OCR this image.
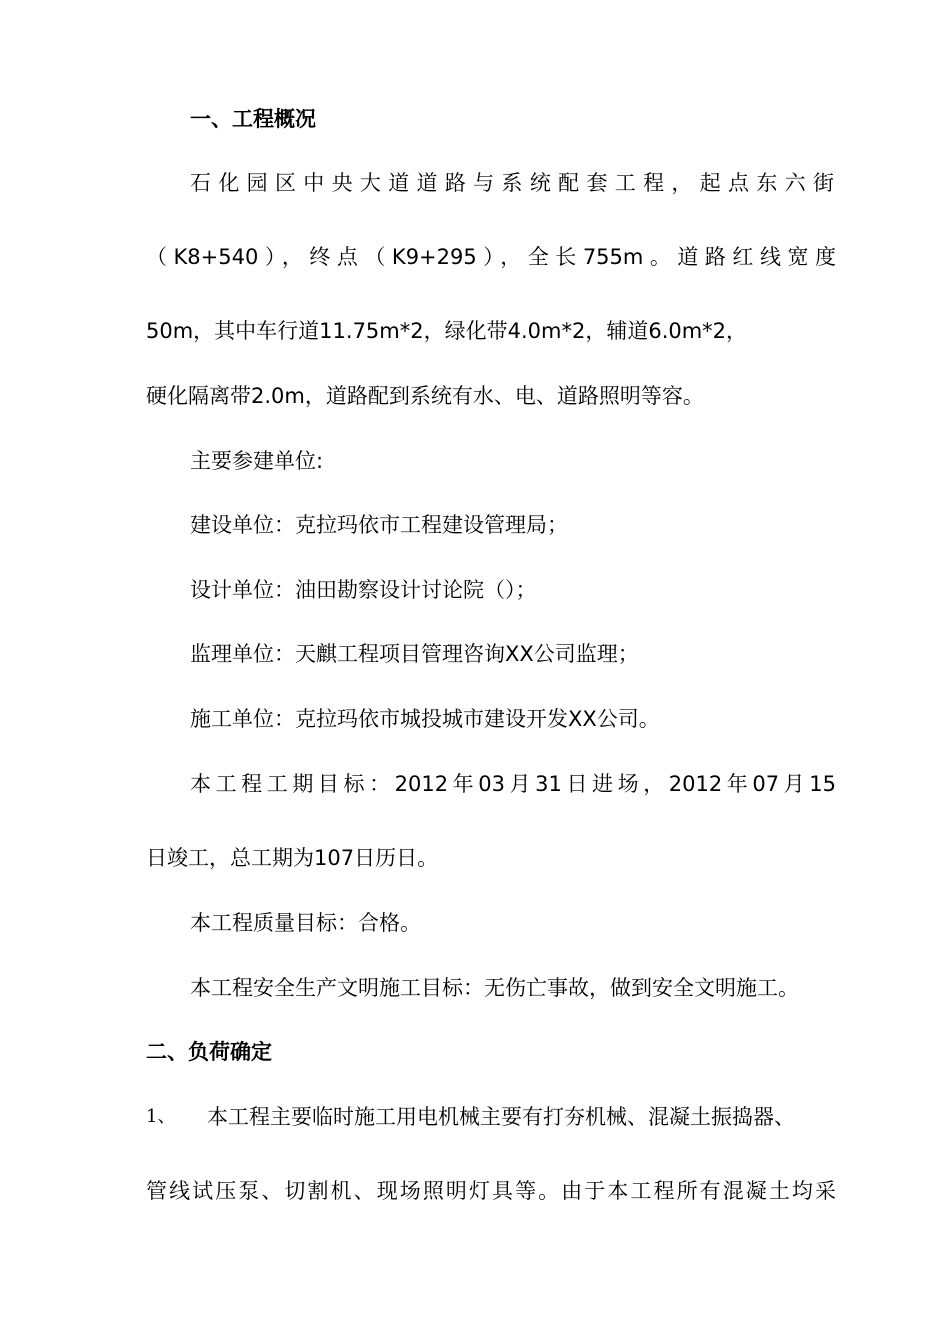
一、工程概况
石化园区中央大道道路与系统配套工程，起点东六街
（K8+540），终点（K9+295），全长755m。道路红线宽度
50m，其中车行道11.75m*2，绿化带4.0m*2，辅道6.0m*2，
硬化隔离带2.0m，道路配到系统有水、电、道路照明等容。
主要参建单位:
建设单位：克拉玛依市工程建设管理局；
设计单位：油田勘察设计讨论院（）；
监理单位：天麒工程项目管理咨询XX公司监理；
施工单位：克拉玛依市城投城市建设开发XX公司。
本工程工期目标：2012年03月31日进场，2012年07月15
日竣工，总工期为107日历日。
本工程质量目标：合格。
本工程安全生产文明施工目标：无伤亡事故，做到安全文明施工。
二、负荷确定
1、 本工程主要临时施工用电机械主要有打夯机械、混凝土振捣器、
管线试压泵、切割机、现场照明灯具等。由于本工程所有混凝土均采
